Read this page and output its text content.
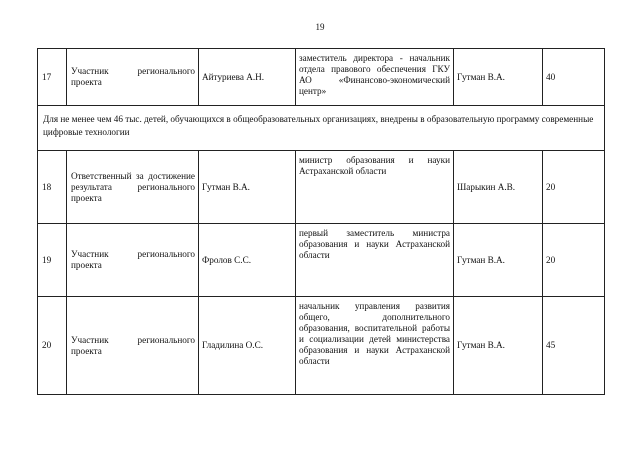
19
17	Участник регионального проекта	Айтуриева А.Н.	заместитель директора - начальник отдела правового обеспечения ГКУ АО «Финансово-экономический центр»	Гутман В.А.	40
Для не менее чем 46 тыс. детей, обучающихся в общеобразовательных организациях, внедрены в образовательную программу современные цифровые технологии					
18	Ответственный за достижение результата регионального проекта	Гутман В.А.	министр образования и науки Астраханской области	Шарыкин А.В.	20
19	Участник регионального проекта	Фролов С.С.	первый заместитель министра образования и науки Астраханской области	Гутман В.А.	20
20	Участник регионального проекта	Гладилина О.С.	начальник управления развития общего, дополнительного образования, воспитательной работы и социализации детей министерства образования и науки Астраханской области	Гутман В.А.	45
